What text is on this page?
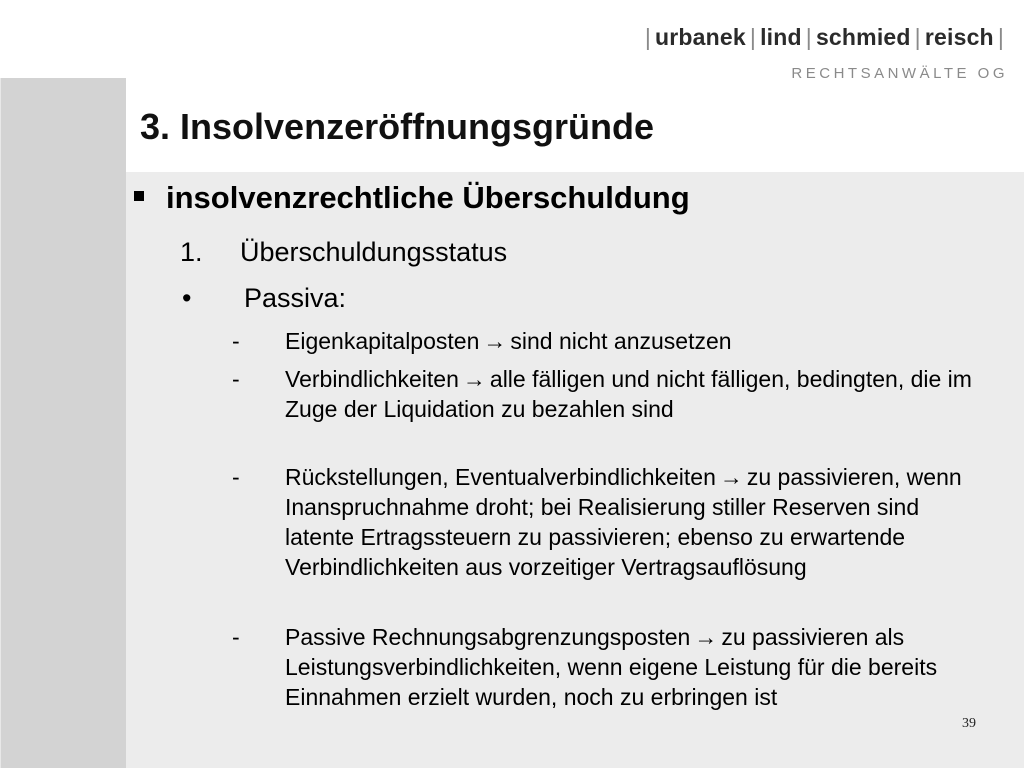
| urbanek | lind | schmied | reisch |
RECHTSANWÄLTE OG
3. Insolvenzeröffnungsgründe
insolvenzrechtliche Überschuldung
1. Überschuldungsstatus
• Passiva:
-	Eigenkapitalposten → sind nicht anzusetzen
-	Verbindlichkeiten → alle fälligen und nicht fälligen, bedingten, die im Zuge der Liquidation zu bezahlen sind
-	Rückstellungen, Eventualverbindlichkeiten → zu passivieren, wenn Inanspruchnahme droht; bei Realisierung stiller Reserven sind latente Ertragssteuern zu passivieren; ebenso zu erwartende Verbindlichkeiten aus vorzeitiger Vertragsauflösung
-	Passive Rechnungsabgrenzungsposten → zu passivieren als Leistungsverbindlichkeiten, wenn eigene Leistung für die bereits Einnahmen erzielt wurden, noch zu erbringen ist
39
